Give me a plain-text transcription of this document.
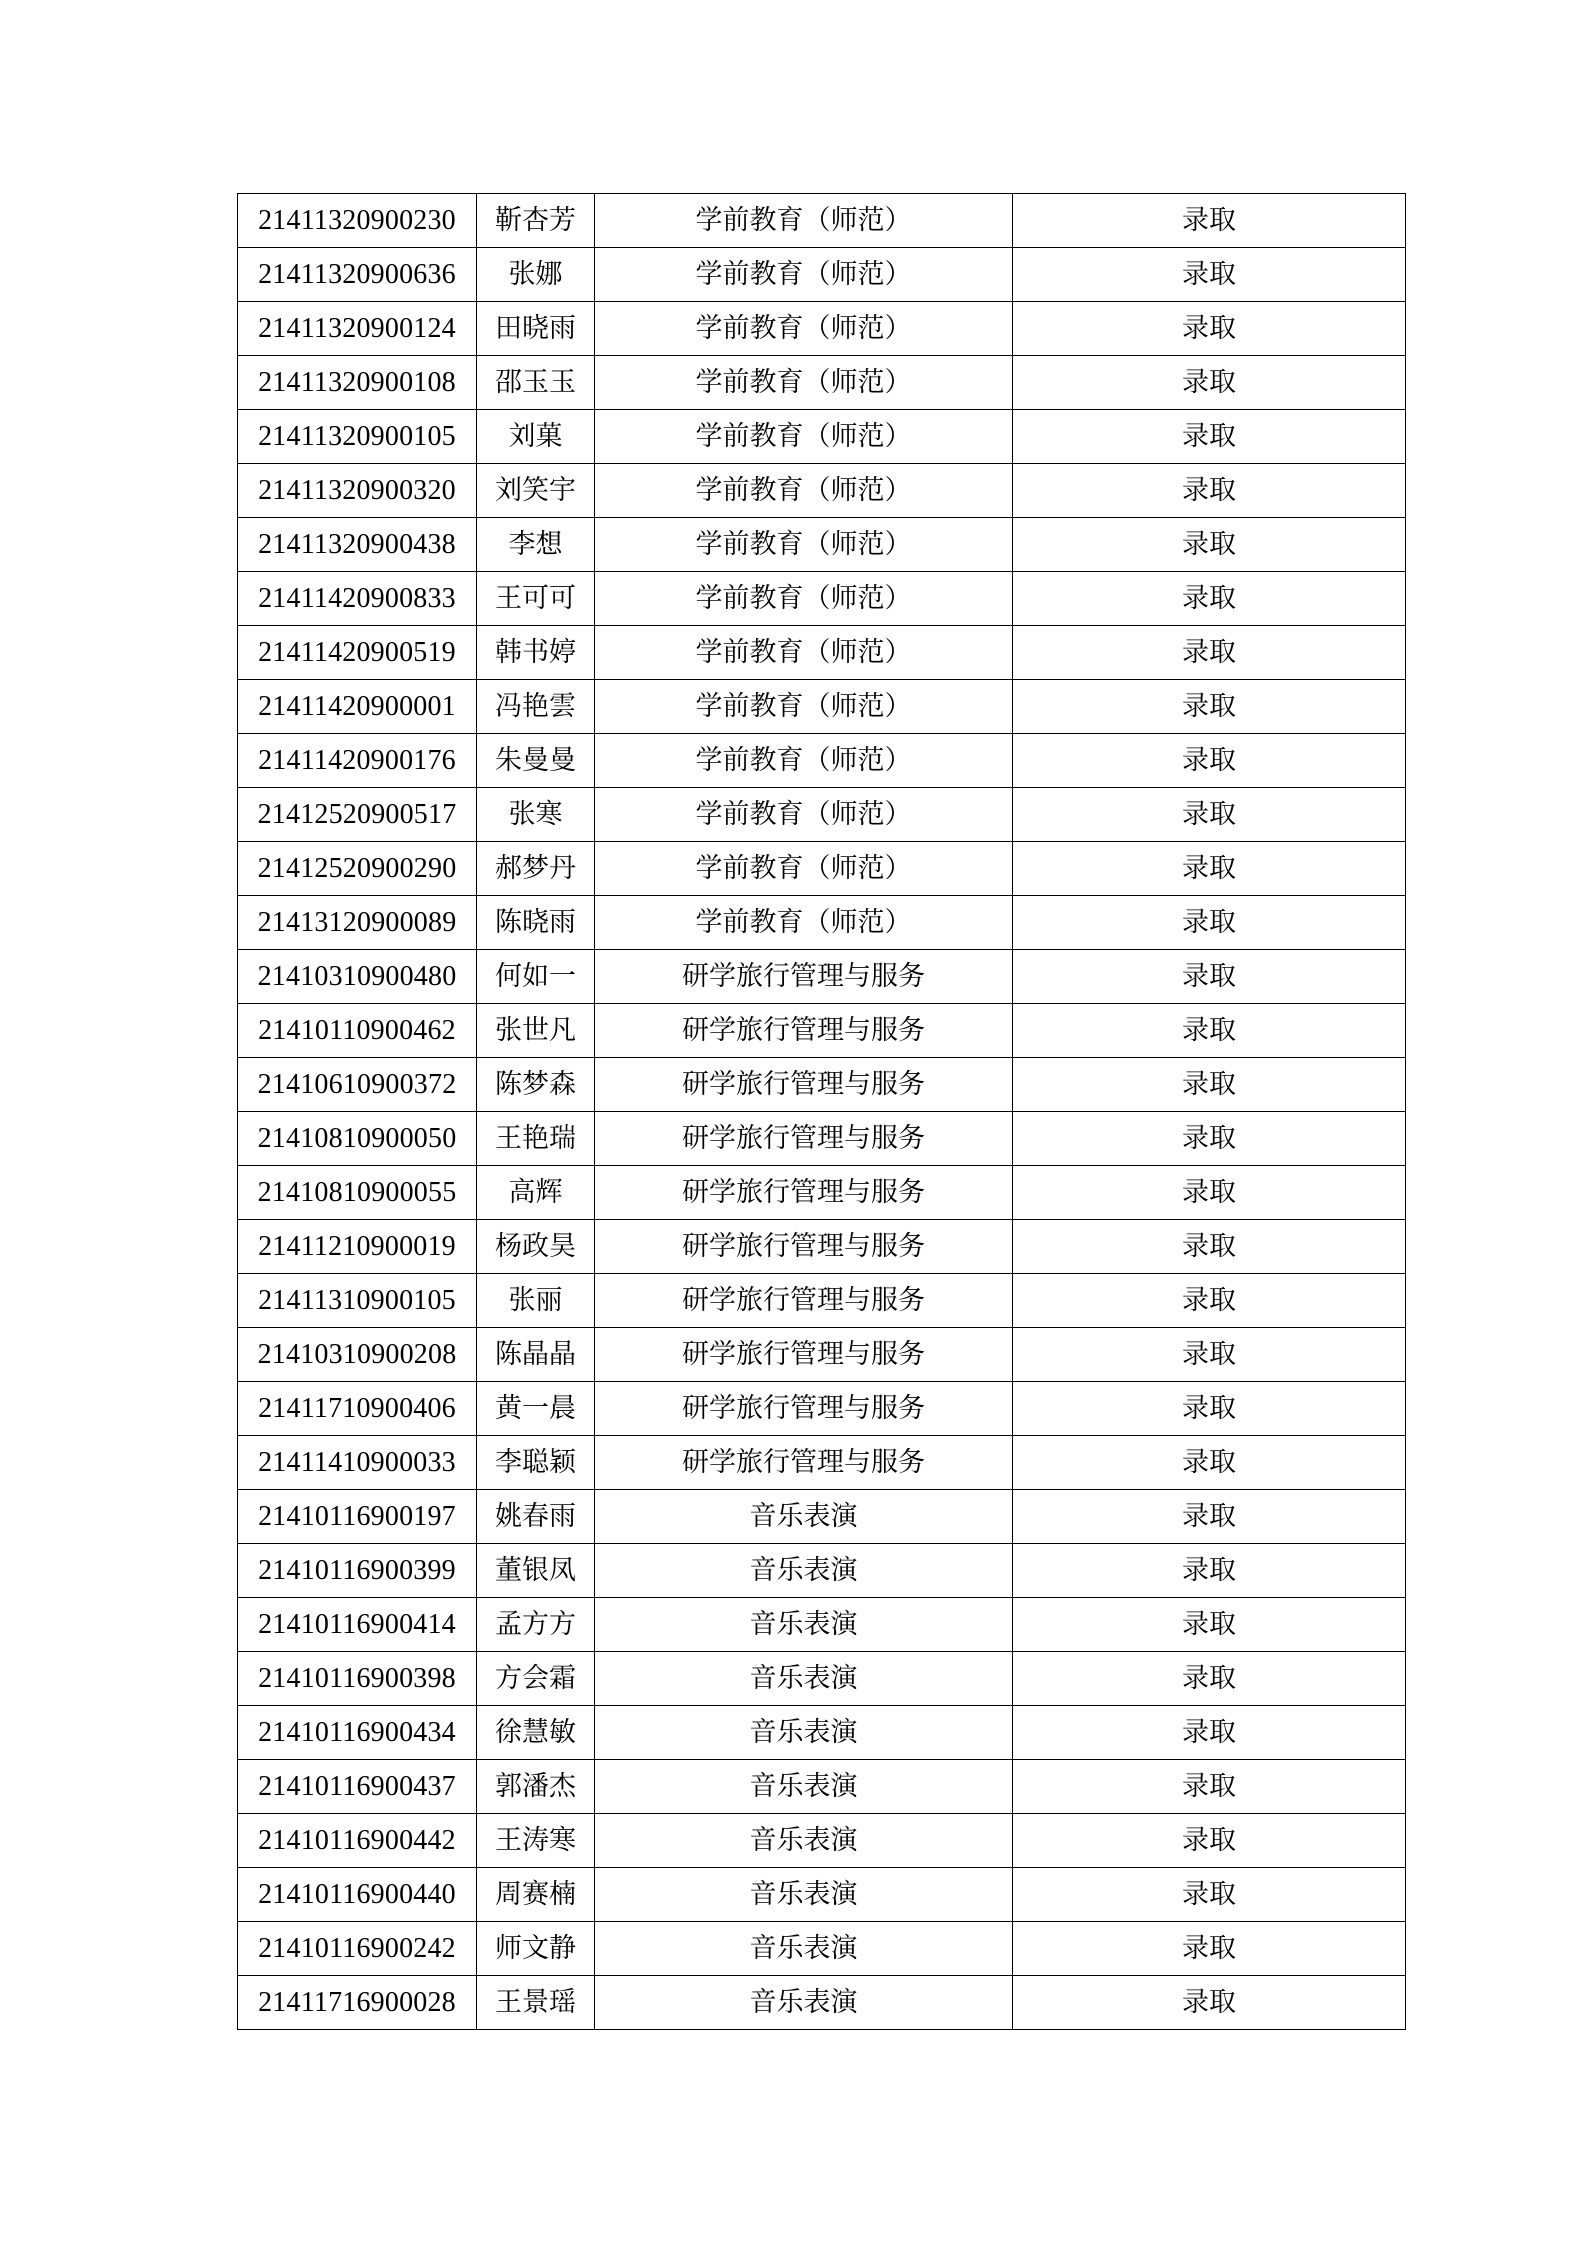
21411320900230	靳杏芳	学前教育（师范）	录取
21411320900636	张娜	学前教育（师范）	录取
21411320900124	田晓雨	学前教育（师范）	录取
21411320900108	邵玉玉	学前教育（师范）	录取
21411320900105	刘菓	学前教育（师范）	录取
21411320900320	刘笑宇	学前教育（师范）	录取
21411320900438	李想	学前教育（师范）	录取
21411420900833	王可可	学前教育（师范）	录取
21411420900519	韩书婷	学前教育（师范）	录取
21411420900001	冯艳雲	学前教育（师范）	录取
21411420900176	朱曼曼	学前教育（师范）	录取
21412520900517	张寒	学前教育（师范）	录取
21412520900290	郝梦丹	学前教育（师范）	录取
21413120900089	陈晓雨	学前教育（师范）	录取
21410310900480	何如一	研学旅行管理与服务	录取
21410110900462	张世凡	研学旅行管理与服务	录取
21410610900372	陈梦森	研学旅行管理与服务	录取
21410810900050	王艳瑞	研学旅行管理与服务	录取
21410810900055	高辉	研学旅行管理与服务	录取
21411210900019	杨政昊	研学旅行管理与服务	录取
21411310900105	张丽	研学旅行管理与服务	录取
21410310900208	陈晶晶	研学旅行管理与服务	录取
21411710900406	黄一晨	研学旅行管理与服务	录取
21411410900033	李聪颖	研学旅行管理与服务	录取
21410116900197	姚春雨	音乐表演	录取
21410116900399	董银凤	音乐表演	录取
21410116900414	孟方方	音乐表演	录取
21410116900398	方会霜	音乐表演	录取
21410116900434	徐慧敏	音乐表演	录取
21410116900437	郭潘杰	音乐表演	录取
21410116900442	王涛寒	音乐表演	录取
21410116900440	周赛楠	音乐表演	录取
21410116900242	师文静	音乐表演	录取
21411716900028	王景瑶	音乐表演	录取
